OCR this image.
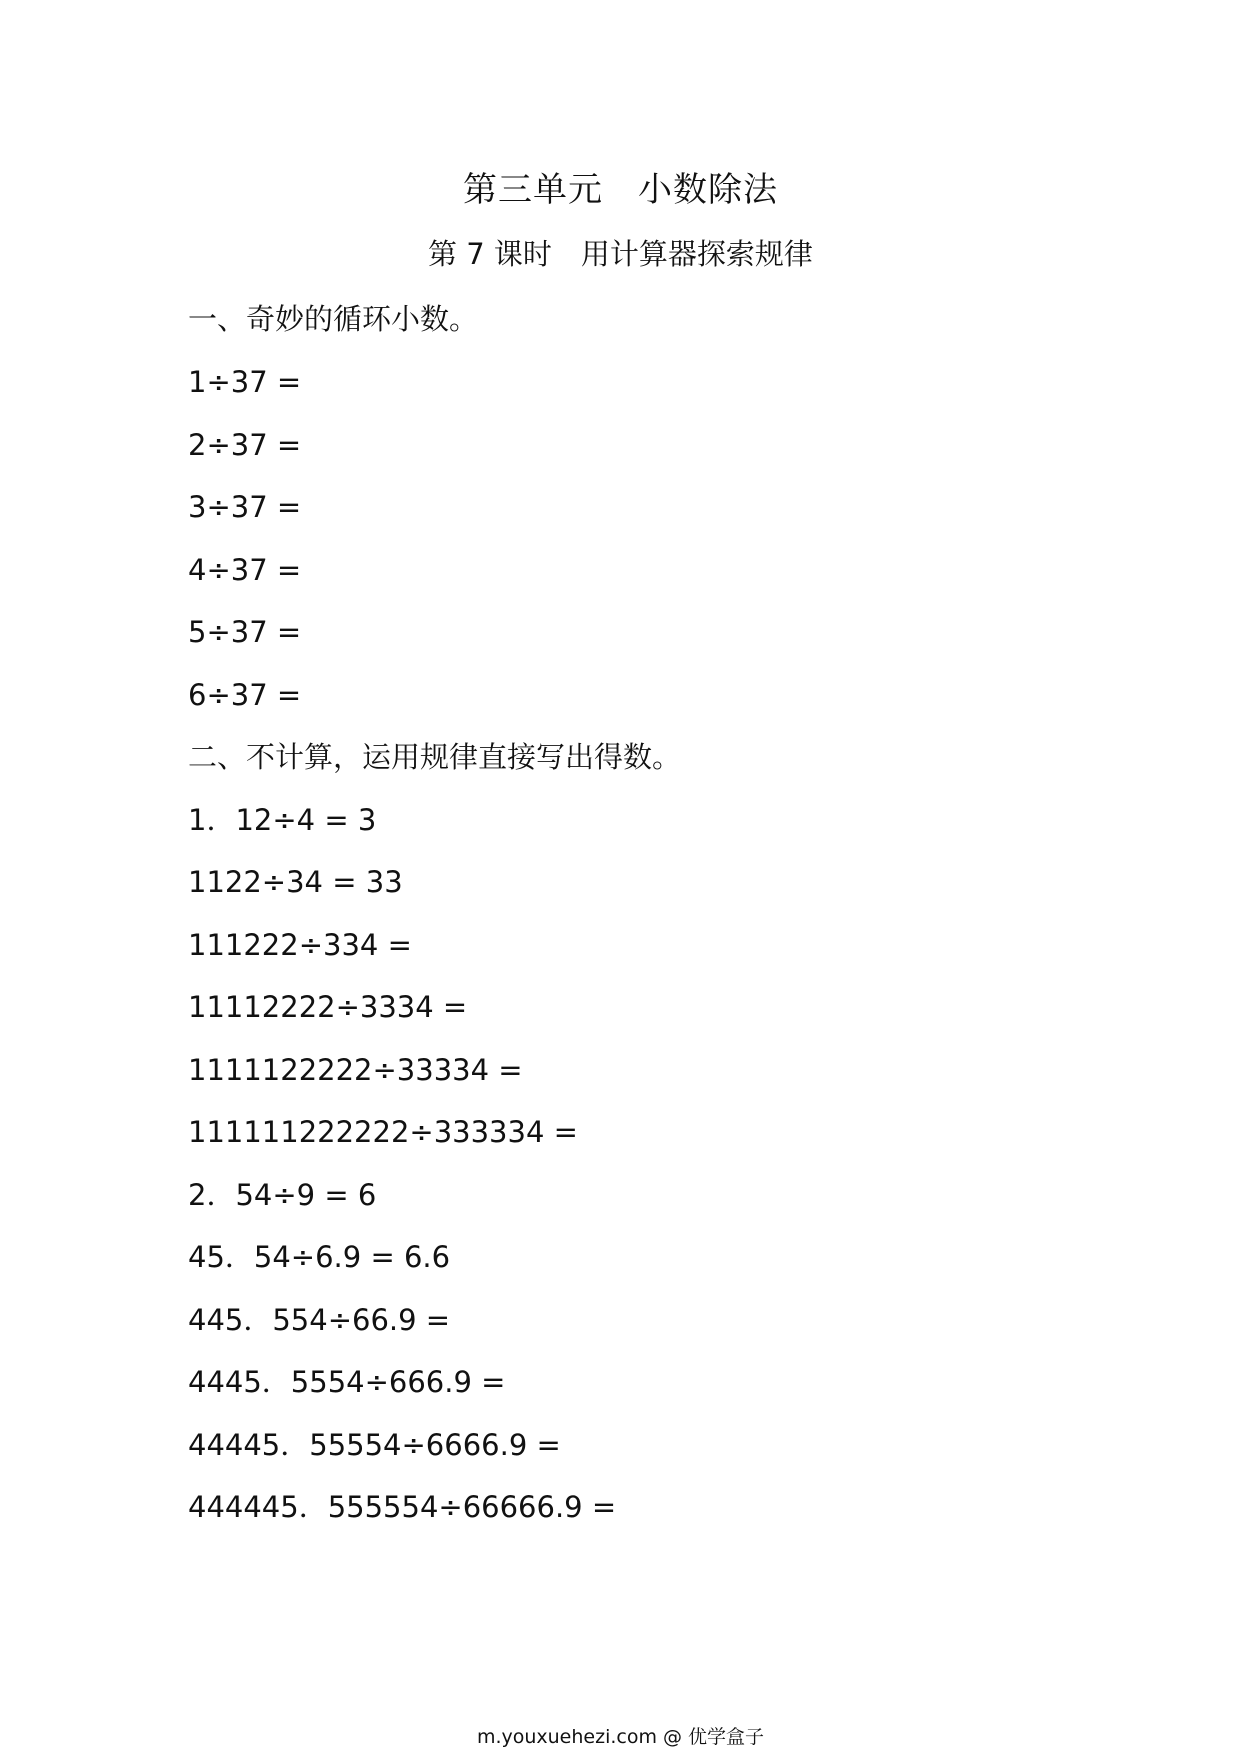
第三单元　小数除法
第 7 课时　用计算器探索规律
一、奇妙的循环小数。
1÷37 =
2÷37 =
3÷37 =
4÷37 =
5÷37 =
6÷37 =
二、不计算，运用规律直接写出得数。
1．12÷4 = 3
1122÷34 = 33
111222÷334 =
11112222÷3334 =
1111122222÷33334 =
111111222222÷333334 =
2．54÷9 = 6
45．54÷6.9 = 6.6
445．554÷66.9 =
4445．5554÷666.9 =
44445．55554÷6666.9 =
444445．555554÷66666.9 =
m.youxuehezi.com @ 优学盒子
